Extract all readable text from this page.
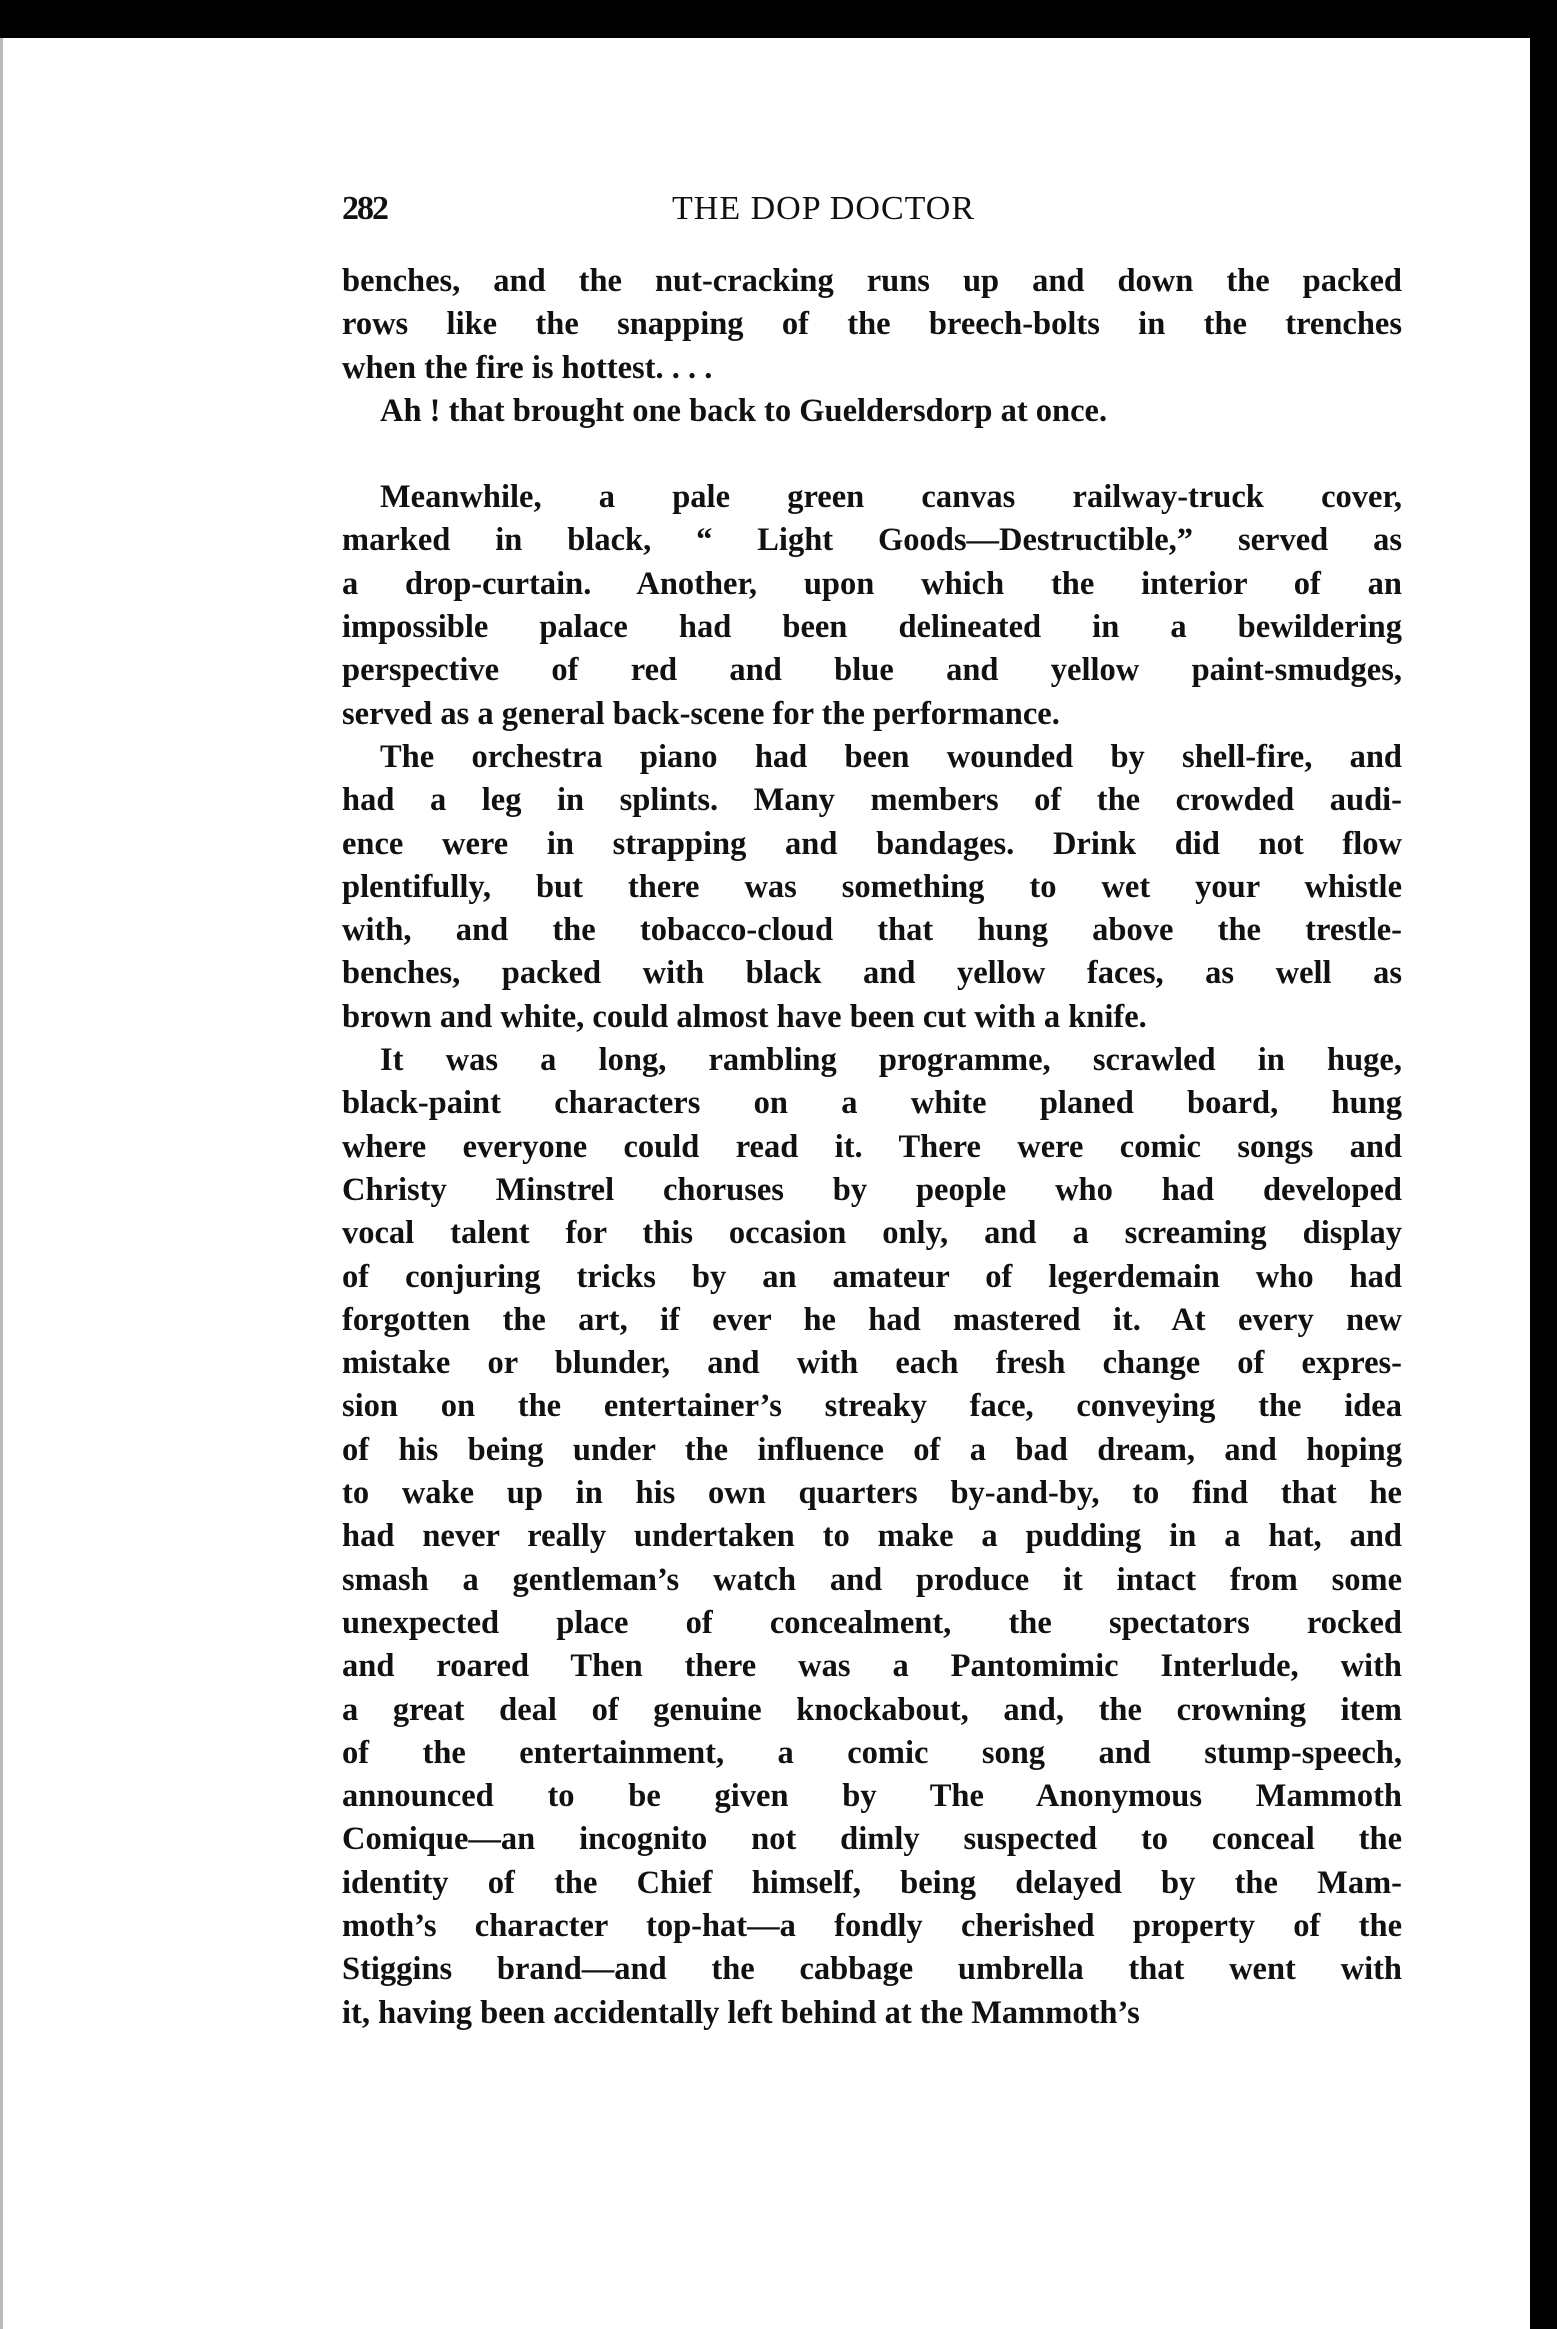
282	THE DOP DOCTOR
benches, and the nut-cracking runs up and down the packed
rows like the snapping of the breech-bolts in the trenches
when the fire is hottest. . . .
Ah ! that brought one back to Gueldersdorp at once.
Meanwhile, a pale green canvas railway-truck cover,
marked in black, “ Light Goods—Destructible,” served as
a drop-curtain. Another, upon which the interior of an
impossible palace had been delineated in a bewildering
perspective of red and blue and yellow paint-smudges,
served as a general back-scene for the performance.
The orchestra piano had been wounded by shell-fire, and
had a leg in splints. Many members of the crowded audi-
ence were in strapping and bandages. Drink did not flow
plentifully, but there was something to wet your whistle
with, and the tobacco-cloud that hung above the trestle-
benches, packed with black and yellow faces, as well as
brown and white, could almost have been cut with a knife.
It was a long, rambling programme, scrawled in huge,
black-paint characters on a white planed board, hung
where everyone could read it. There were comic songs and
Christy Minstrel choruses by people who had developed
vocal talent for this occasion only, and a screaming display
of conjuring tricks by an amateur of legerdemain who had
forgotten the art, if ever he had mastered it. At every new
mistake or blunder, and with each fresh change of expres-
sion on the entertainer’s streaky face, conveying the idea
of his being under the influence of a bad dream, and hoping
to wake up in his own quarters by-and-by, to find that he
had never really undertaken to make a pudding in a hat, and
smash a gentleman’s watch and produce it intact from some
unexpected place of concealment, the spectators rocked
and roared Then there was a Pantomimic Interlude, with
a great deal of genuine knockabout, and, the crowning item
of the entertainment, a comic song and stump-speech,
announced to be given by The Anonymous Mammoth
Comique—an incognito not dimly suspected to conceal the
identity of the Chief himself, being delayed by the Mam-
moth’s character top-hat—a fondly cherished property of the
Stiggins brand—and the cabbage umbrella that went with
it, having been accidentally left behind at the Mammoth’s
